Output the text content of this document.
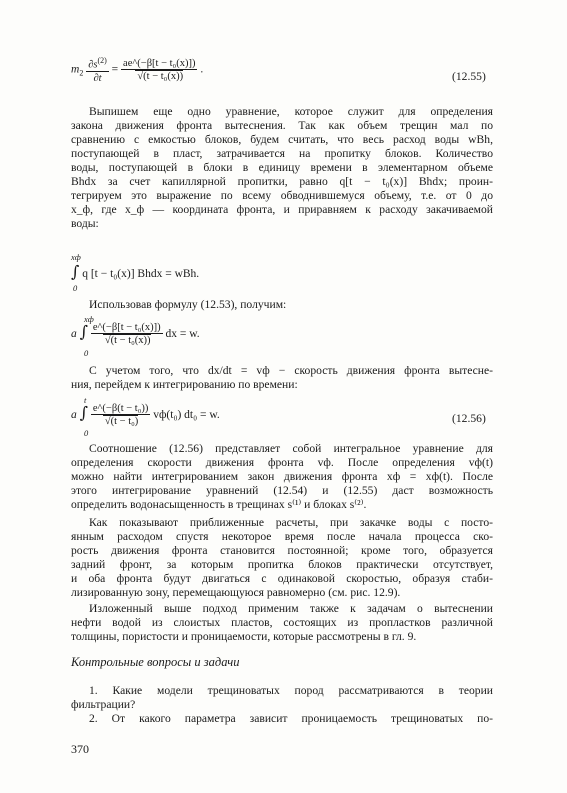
$m_2 \frac{\partial s^{(2)}}{\partial t} = \frac{\text{ae\textasciicircum{}(−β[t − t₀(x)])}}{\text{√(t − t₀(x))}}$ .
(12.55)
Выпишем еще одно уравнение, которое служит для определения
закона движения фронта вытеснения. Так как объем трещин мал по
сравнению с емкостью блоков, будем считать, что весь расход воды wBh,
поступающей в пласт, затрачивается на пропитку блоков. Количество
воды, поступающей в блоки в единицу времени в элементарном объеме
Bhdx за счет капиллярной пропитки, равно q[t − t₀(x)] Bhdx; проин-
тегрируем это выражение по всему обводнившемуся объему, т.е. от 0 до
x_ф, где x_ф — координата фронта, и приравняем к расходу закачиваемой
воды:
xф
∫ q [t − t₀(x)] Bhdx = wBh.
0
Использовав формулу (12.53), получим:
xф
a ∫ $\frac{\text{e\textasciicircum{}(−β[t − t₀(x)])}}{\text{√(t − t₀(x))}}$ dx = w.
0
С учетом того, что dx/dt = vф − скорость движения фронта вытесне-
ния, перейдем к интегрированию по времени:
t
a ∫ $\frac{\text{e\textasciicircum{}(−β(t − t₀))}}{\text{√(t − t₀)}} vф(t_0) dt_0 = w$.
0
(12.56)
Соотношение (12.56) представляет собой интегральное уравнение для
определения скорости движения фронта vф. После определения vф(t)
можно найти интегрированием закон движения фронта xф = xф(t). После
этого интегрирование уравнений (12.54) и (12.55) даст возможность
определить водонасыщенность в трещинах s⁽¹⁾ и блоках s⁽²⁾.
Как показывают приближенные расчеты, при закачке воды с посто-
янным расходом спустя некоторое время после начала процесса ско-
рость движения фронта становится постоянной; кроме того, образуется
задний фронт, за которым пропитка блоков практически отсутствует,
и оба фронта будут двигаться с одинаковой скоростью, образуя стаби-
лизированную зону, перемещающуюся равномерно (см. рис. 12.9).
Изложенный выше подход применим также к задачам о вытеснении
нефти водой из слоистых пластов, состоящих из пропластков различной
толщины, пористости и проницаемости, которые рассмотрены в гл. 9.
Контрольные вопросы и задачи
1. Какие модели трещиноватых пород рассматриваются в теории
фильтрации?
2. От какого параметра зависит проницаемость трещиноватых по-
370
